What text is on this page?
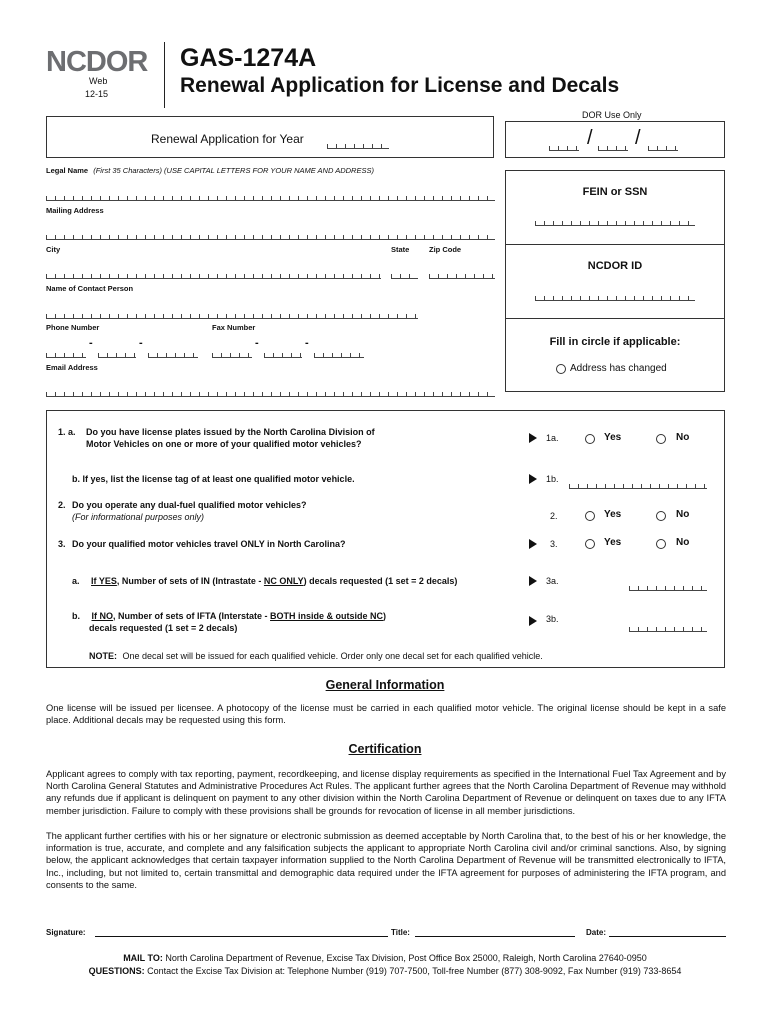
NCDOR
Web
12-15
GAS-1274A
Renewal Application for License and Decals
DOR Use Only
Renewal Application for Year	/ /
Legal Name (First 35 Characters) (USE CAPITAL LETTERS FOR YOUR NAME AND ADDRESS)
Mailing Address
City	State	Zip Code
Name of Contact Person
Phone Number	Fax Number
-	-	-	-
Email Address
FEIN or SSN
NCDOR ID
Fill in circle if applicable:
Address has changed
1. a. Do you have license plates issued by the North Carolina Division of
Motor Vehicles on one or more of your qualified motor vehicles?
1a.	Yes	No
b. If yes, list the license tag of at least one qualified motor vehicle.	1b.
2. Do you operate any dual-fuel qualified motor vehicles?
(For informational purposes only)	2.	Yes	No
3. Do your qualified motor vehicles travel ONLY in North Carolina?	3.	Yes	No
a. If YES, Number of sets of IN (Intrastate - NC ONLY) decals requested (1 set = 2 decals)	3a.
b. If NO, Number of sets of IFTA (Interstate - BOTH inside & outside NC)
decals requested (1 set = 2 decals)
3b.
NOTE: One decal set will be issued for each qualified vehicle. Order only one decal set for each qualified vehicle.
General Information

One license will be issued per licensee. A photocopy of the license must be carried in each qualified motor vehicle. The original license should be kept in a safe place. Additional decals may be requested using this form.

Certification

Applicant agrees to comply with tax reporting, payment, recordkeeping, and license display requirements as specified in the International Fuel Tax Agreement and by North Carolina General Statutes and Administrative Procedures Act Rules. The applicant further agrees that the North Carolina Department of Revenue may withhold any refunds due if applicant is delinquent on payment to any other division within the North Carolina Department of Revenue or delinquent on taxes due to any IFTA member jurisdiction. Failure to comply with these provisions shall be grounds for revocation of license in all member jurisdictions.

The applicant further certifies with his or her signature or electronic submission as deemed acceptable by North Carolina that, to the best of his or her knowledge, the information is true, accurate, and complete and any falsification subjects the applicant to appropriate North Carolina civil and/or criminal sanctions. Also, by signing below, the applicant acknowledges that certain taxpayer information supplied to the North Carolina Department of Revenue will be transmitted electronically to IFTA, Inc., including, but not limited to, certain transmittal and demographic data required under the IFTA agreement for purposes of administering the IFTA program, and consents to the same.

Signature:	Title:	Date:
MAIL TO: North Carolina Department of Revenue, Excise Tax Division, Post Office Box 25000, Raleigh, North Carolina 27640-0950
QUESTIONS: Contact the Excise Tax Division at: Telephone Number (919) 707-7500, Toll-free Number (877) 308-9092, Fax Number (919) 733-8654
